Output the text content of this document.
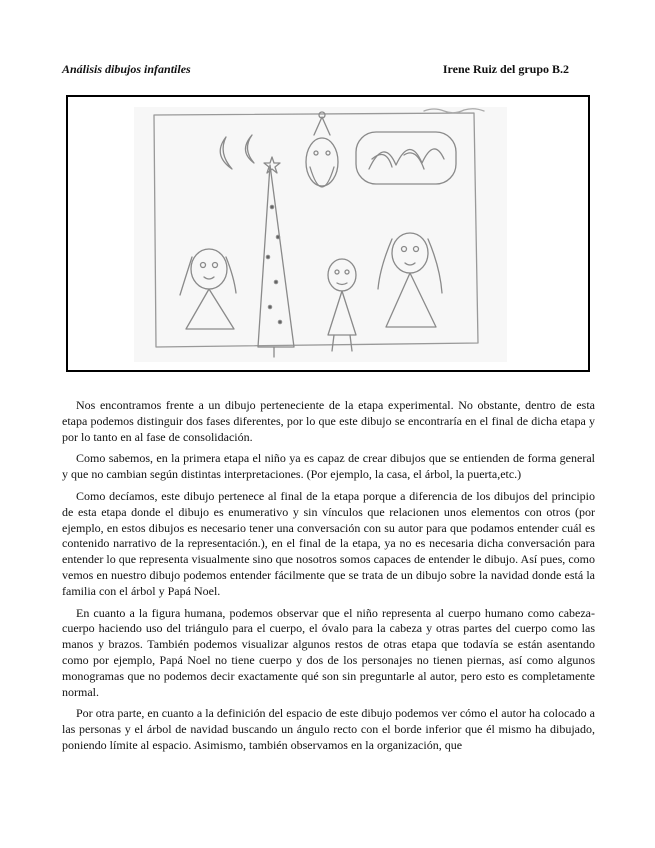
Análisis dibujos infantiles	Irene Ruiz del grupo B.2

Nos encontramos frente a un dibujo perteneciente de la etapa experimental. No obstante, dentro de esta etapa podemos distinguir dos fases diferentes, por lo que este dibujo se encontraría en el final de dicha etapa y por lo tanto en al fase de consolidación.

Como sabemos, en la primera etapa el niño ya es capaz de crear dibujos que se entienden de forma general y que no cambian según distintas interpretaciones. (Por ejemplo, la casa, el árbol, la puerta,etc.)

Como decíamos, este dibujo pertenece al final de la etapa porque a diferencia de los dibujos del principio de esta etapa donde el dibujo es enumerativo y sin vínculos que relacionen unos elementos con otros (por ejemplo, en estos dibujos es necesario tener una conversación con su autor para que podamos entender cuál es contenido narrativo de la representación.), en el final de la etapa, ya no es necesaria dicha conversación para entender lo que representa visualmente sino que nosotros somos capaces de entender le dibujo. Así pues, como vemos en nuestro dibujo podemos entender fácilmente que se trata de un dibujo sobre la navidad donde está la familia con el árbol y Papá Noel.

En cuanto a la figura humana, podemos observar que el niño representa al cuerpo humano como cabeza-cuerpo haciendo uso del triángulo para el cuerpo, el óvalo para la cabeza y otras partes del cuerpo como las manos y brazos. También podemos visualizar algunos restos de otras etapa que todavía se están asentando como por ejemplo, Papá Noel no tiene cuerpo y dos de los personajes no tienen piernas, así como algunos monogramas que no podemos decir exactamente qué son sin preguntarle al autor, pero esto es completamente normal.

Por otra parte, en cuanto a la definición del espacio de este dibujo podemos ver cómo el autor ha colocado a las personas y el árbol de navidad buscando un ángulo recto con el borde inferior que él mismo ha dibujado, poniendo límite al espacio. Asimismo, también observamos en la organización, que
